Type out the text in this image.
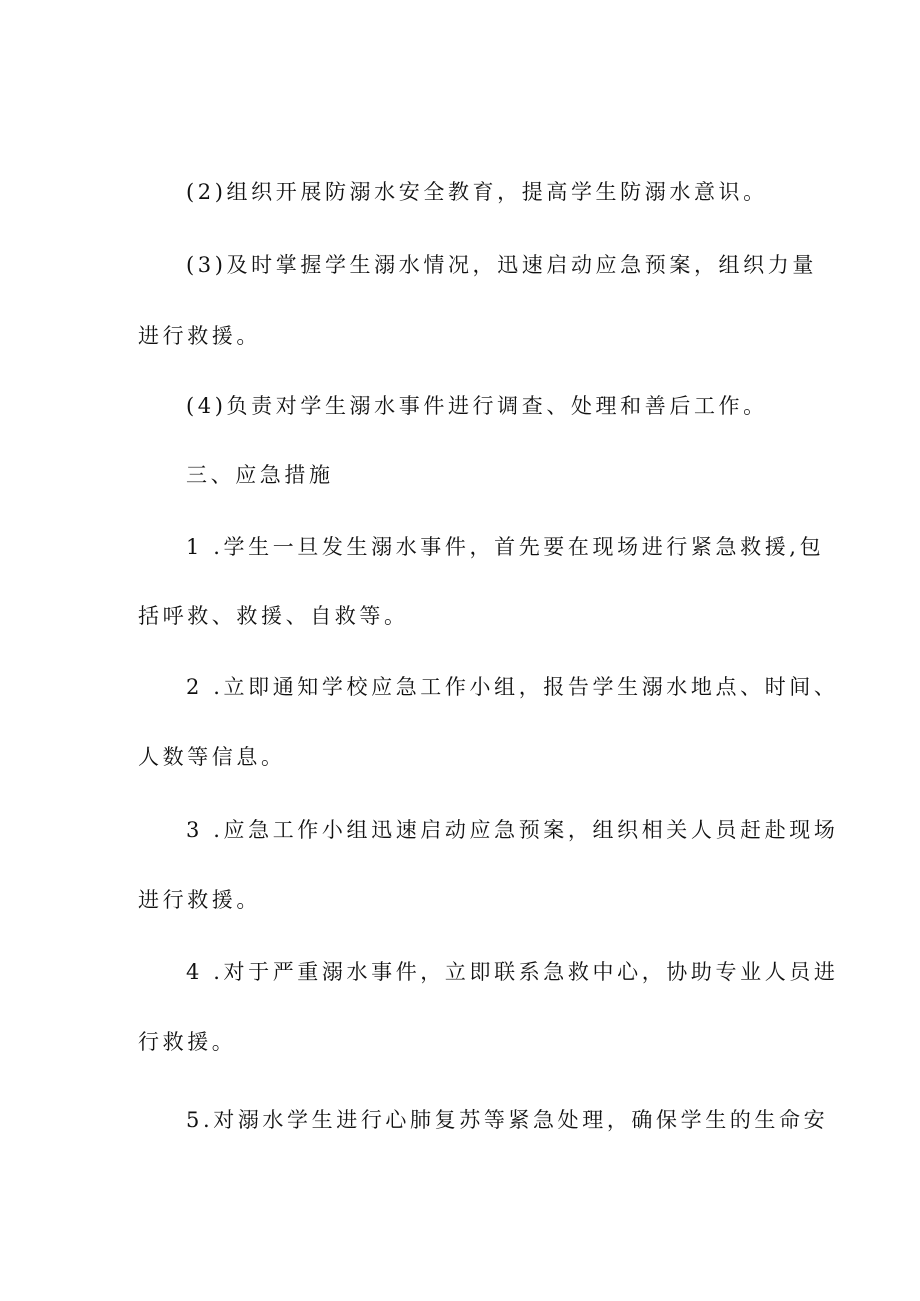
(2)组织开展防溺水安全教育，提高学生防溺水意识。
(3)及时掌握学生溺水情况，迅速启动应急预案，组织力量
进行救援。
(4)负责对学生溺水事件进行调查、处理和善后工作。
三、应急措施
1 .学生一旦发生溺水事件，首先要在现场进行紧急救援,包
括呼救、救援、自救等。
2 .立即通知学校应急工作小组，报告学生溺水地点、时间、
人数等信息。
3 .应急工作小组迅速启动应急预案，组织相关人员赶赴现场
进行救援。
4 .对于严重溺水事件，立即联系急救中心，协助专业人员进
行救援。
5.对溺水学生进行心肺复苏等紧急处理，确保学生的生命安
